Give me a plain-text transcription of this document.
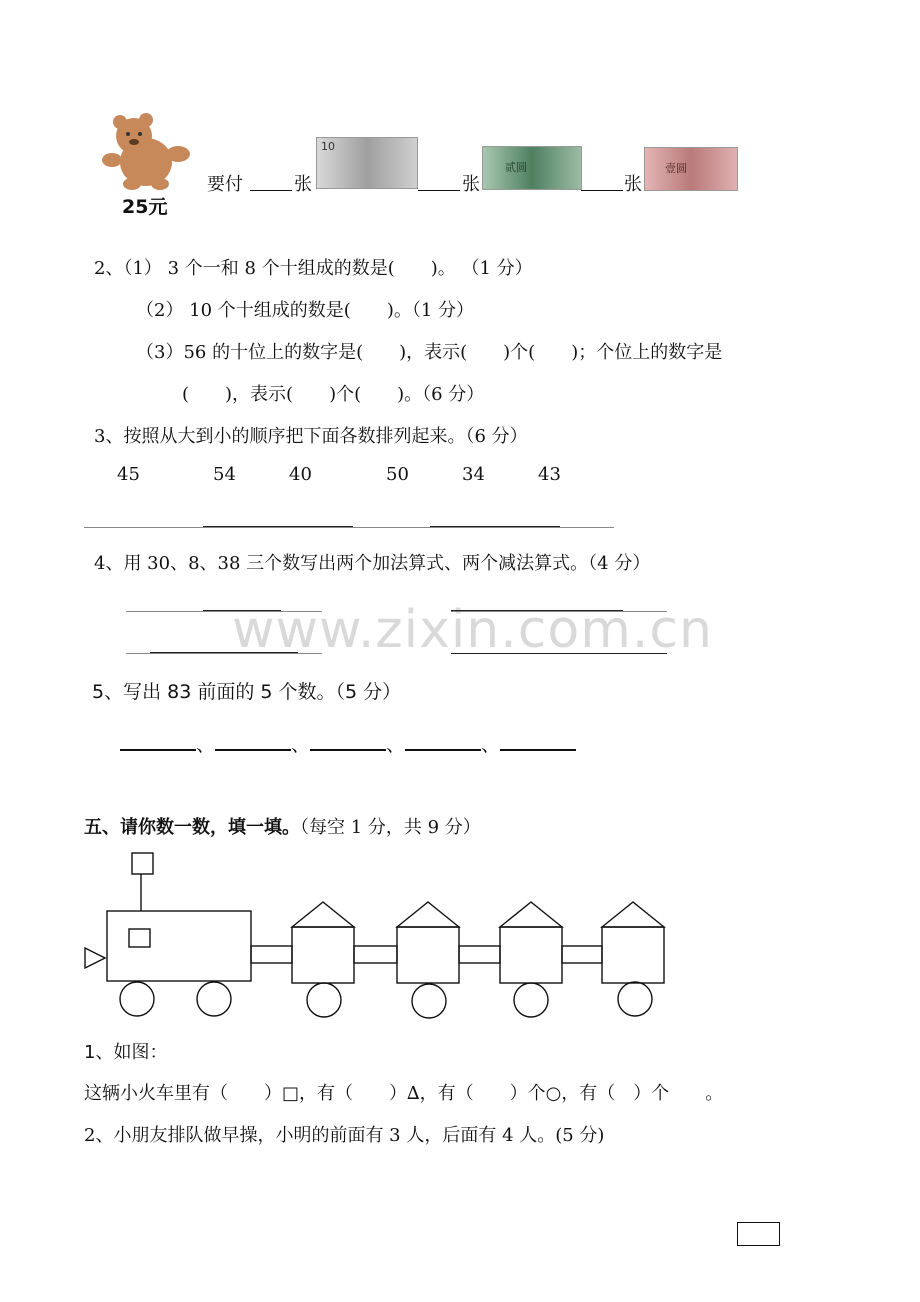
www.zixin.com.cn
25元
要付	张
10
张
贰圆
张
壹圆
2、（1） 3 个一和 8 个十组成的数是(　　)。 （1 分）
（2） 10 个十组成的数是(　　)。（1 分）
（3）56 的十位上的数字是(　　)，表示(　　)个(　　)；个位上的数字是
(　　)，表示(　　)个(　　)。（6 分）
3、按照从大到小的顺序把下面各数排列起来。（6 分）
45	54	40	50	34	43
4、用 30、8、38 三个数写出两个加法算式、两个减法算式。（4 分）
5、写出 83 前面的 5 个数。（5 分）
、	、	、	、
五、请你数一数，填一填。（每空 1 分，共 9 分）
1、如图：
这辆小火车里有（　　）□，有（　　）∆，有（　　）个○，有（　）个　　。
2、小朋友排队做早操，小明的前面有 3 人，后面有 4 人。(5 分)
